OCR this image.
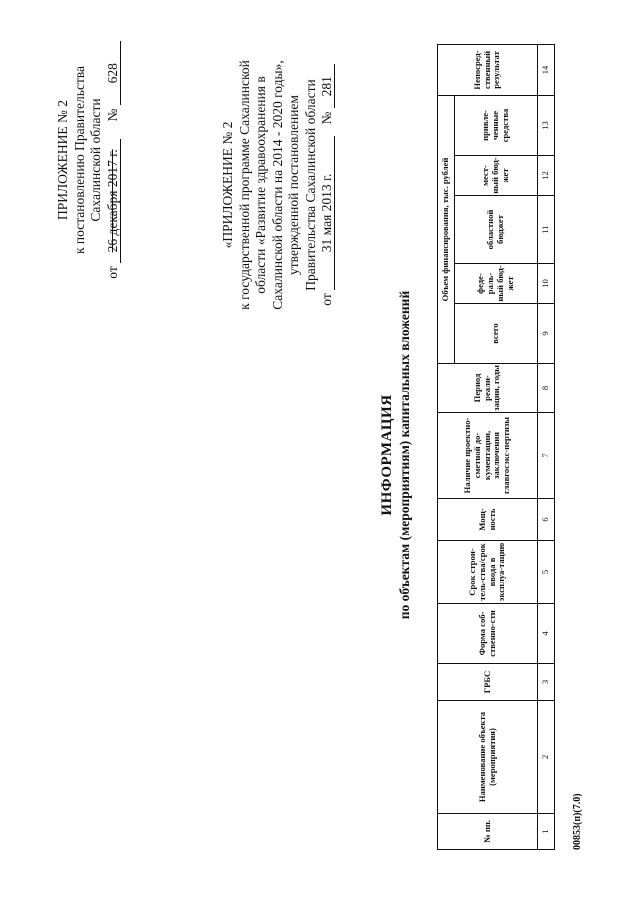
ПРИЛОЖЕНИЕ № 2 к постановлению Правительства Сахалинской области
от 26 декабря 2017 г. № 628
«ПРИЛОЖЕНИЕ № 2 к государственной программе Сахалинской области «Развитие здравоохранения в Сахалинской области на 2014 - 2020 годы», утвержденной постановлением Правительства Сахалинской области
от 31 мая 2013 г. № 281
ИНФОРМАЦИЯ по объектам (мероприятиям) капитальных вложений
№ пп.	Наименование объекта (мероприятия)	ГРБС	Форма соб-ственно-сти	Срок строи-тель-ства/срок ввода в эксплуа-тацию	Мощ-ность	Наличие проектно-сметной до-кументации, заключения главгосэкс-пертизы	Период реали-зации, годы	Объем финансирования, тыс. рублей					Непосред-ственный результат
								всего	феде-раль-ный бюд-жет	областной бюджет	мест-ный бюд-жет	привле-ченные средства	
1	2	3	4	5	6	7	8	9	10	11	12	13	14
00853(п)(7.0)
